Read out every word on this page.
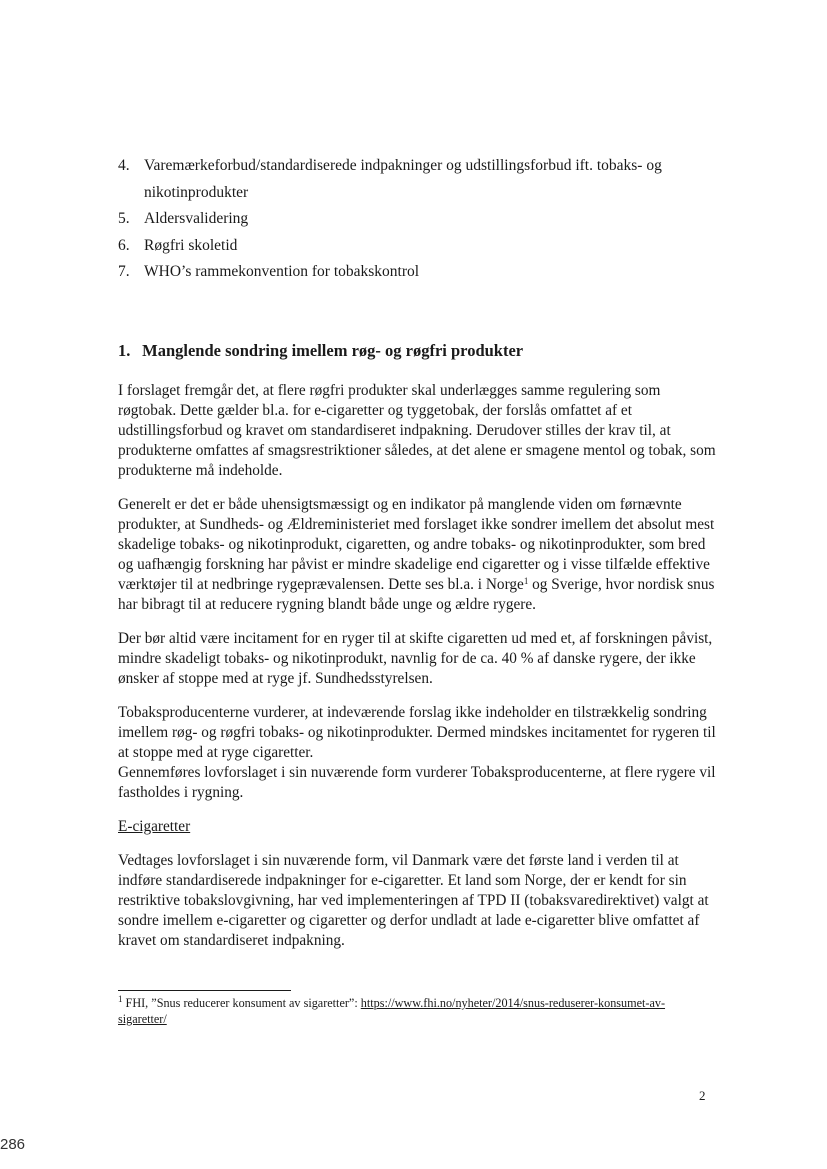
4. Varemærkeforbud/standardiserede indpakninger og udstillingsforbud ift. tobaks- og nikotinprodukter
5. Aldersvalidering
6. Røgfri skoletid
7. WHO’s rammekonvention for tobakskontrol
1. Manglende sondring imellem røg- og røgfri produkter

I forslaget fremgår det, at flere røgfri produkter skal underlægges samme regulering som røgtobak. Dette gælder bl.a. for e-cigaretter og tyggetobak, der forslås omfattet af et udstillingsforbud og kravet om standardiseret indpakning. Derudover stilles der krav til, at produkterne omfattes af smagsrestriktioner således, at det alene er smagene mentol og tobak, som produkterne må indeholde.

Generelt er det er både uhensigtsmæssigt og en indikator på manglende viden om førnævnte produkter, at Sundheds- og Ældreministeriet med forslaget ikke sondrer imellem det absolut mest skadelige tobaks- og nikotinprodukt, cigaretten, og andre tobaks- og nikotinprodukter, som bred og uafhængig forskning har påvist er mindre skadelige end cigaretter og i visse tilfælde effektive værktøjer til at nedbringe rygeprævalensen. Dette ses bl.a. i Norge$^1$ og Sverige, hvor nordisk snus har bibragt til at reducere rygning blandt både unge og ældre rygere.

Der bør altid være incitament for en ryger til at skifte cigaretten ud med et, af forskningen påvist, mindre skadeligt tobaks- og nikotinprodukt, navnlig for de ca. 40 % af danske rygere, der ikke ønsker af stoppe med at ryge jf. Sundhedsstyrelsen.

Tobaksproducenterne vurderer, at indeværende forslag ikke indeholder en tilstrækkelig sondring imellem røg- og røgfri tobaks- og nikotinprodukter. Dermed mindskes incitamentet for rygeren til at stoppe med at ryge cigaretter.

Gennemføres lovforslaget i sin nuværende form vurderer Tobaksproducenterne, at flere rygere vil fastholdes i rygning.

E-cigaretter

Vedtages lovforslaget i sin nuværende form, vil Danmark være det første land i verden til at indføre standardiserede indpakninger for e-cigaretter. Et land som Norge, der er kendt for sin restriktive tobakslovgivning, har ved implementeringen af TPD II (tobaksvaredirektivet) valgt at sondre imellem e-cigaretter og cigaretter og derfor undladt at lade e-cigaretter blive omfattet af kravet om standardiseret indpakning.

$^1$ FHI, ”Snus reducerer konsument av sigaretter”: https://www.fhi.no/nyheter/2014/snus-reduserer-konsumet-av-sigaretter/
2
286
